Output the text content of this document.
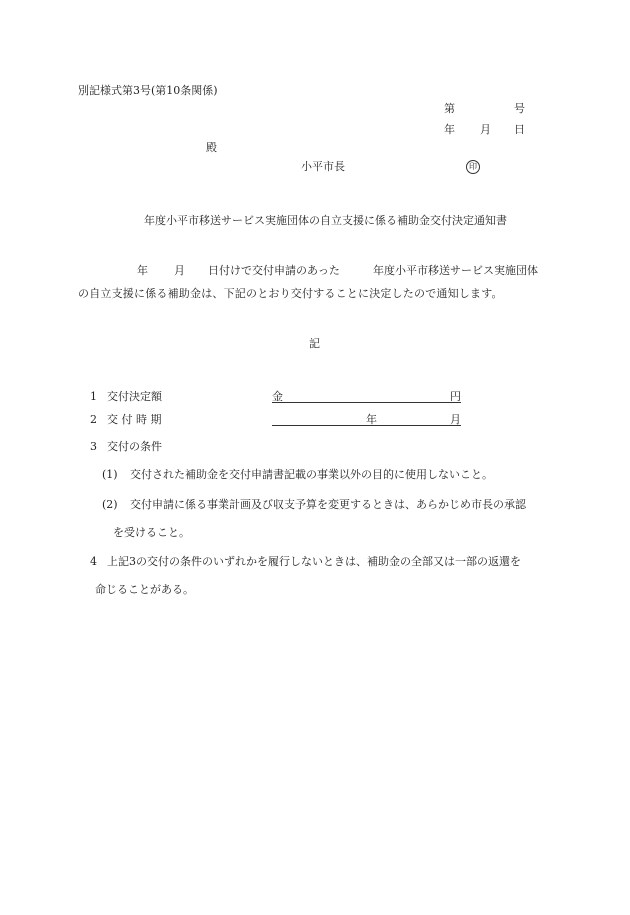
別記様式第3号(第10条関係)
第	号
年 月 日
殿
小平市長	印
年度小平市移送サービス実施団体の自立支援に係る補助金交付決定通知書
年 月 日付けで交付申請のあった	年度小平市移送サービス実施団体
の自立支援に係る補助金は、下記のとおり交付することに決定したので通知します。
記
1 交付決定額	金	円
2 交 付 時 期	年	月
3 交付の条件
(1) 交付された補助金を交付申請書記載の事業以外の目的に使用しないこと。
(2) 交付申請に係る事業計画及び収支予算を変更するときは、あらかじめ市長の承認
を受けること。
4 上記3の交付の条件のいずれかを履行しないときは、補助金の全部又は一部の返還を
命じることがある。
